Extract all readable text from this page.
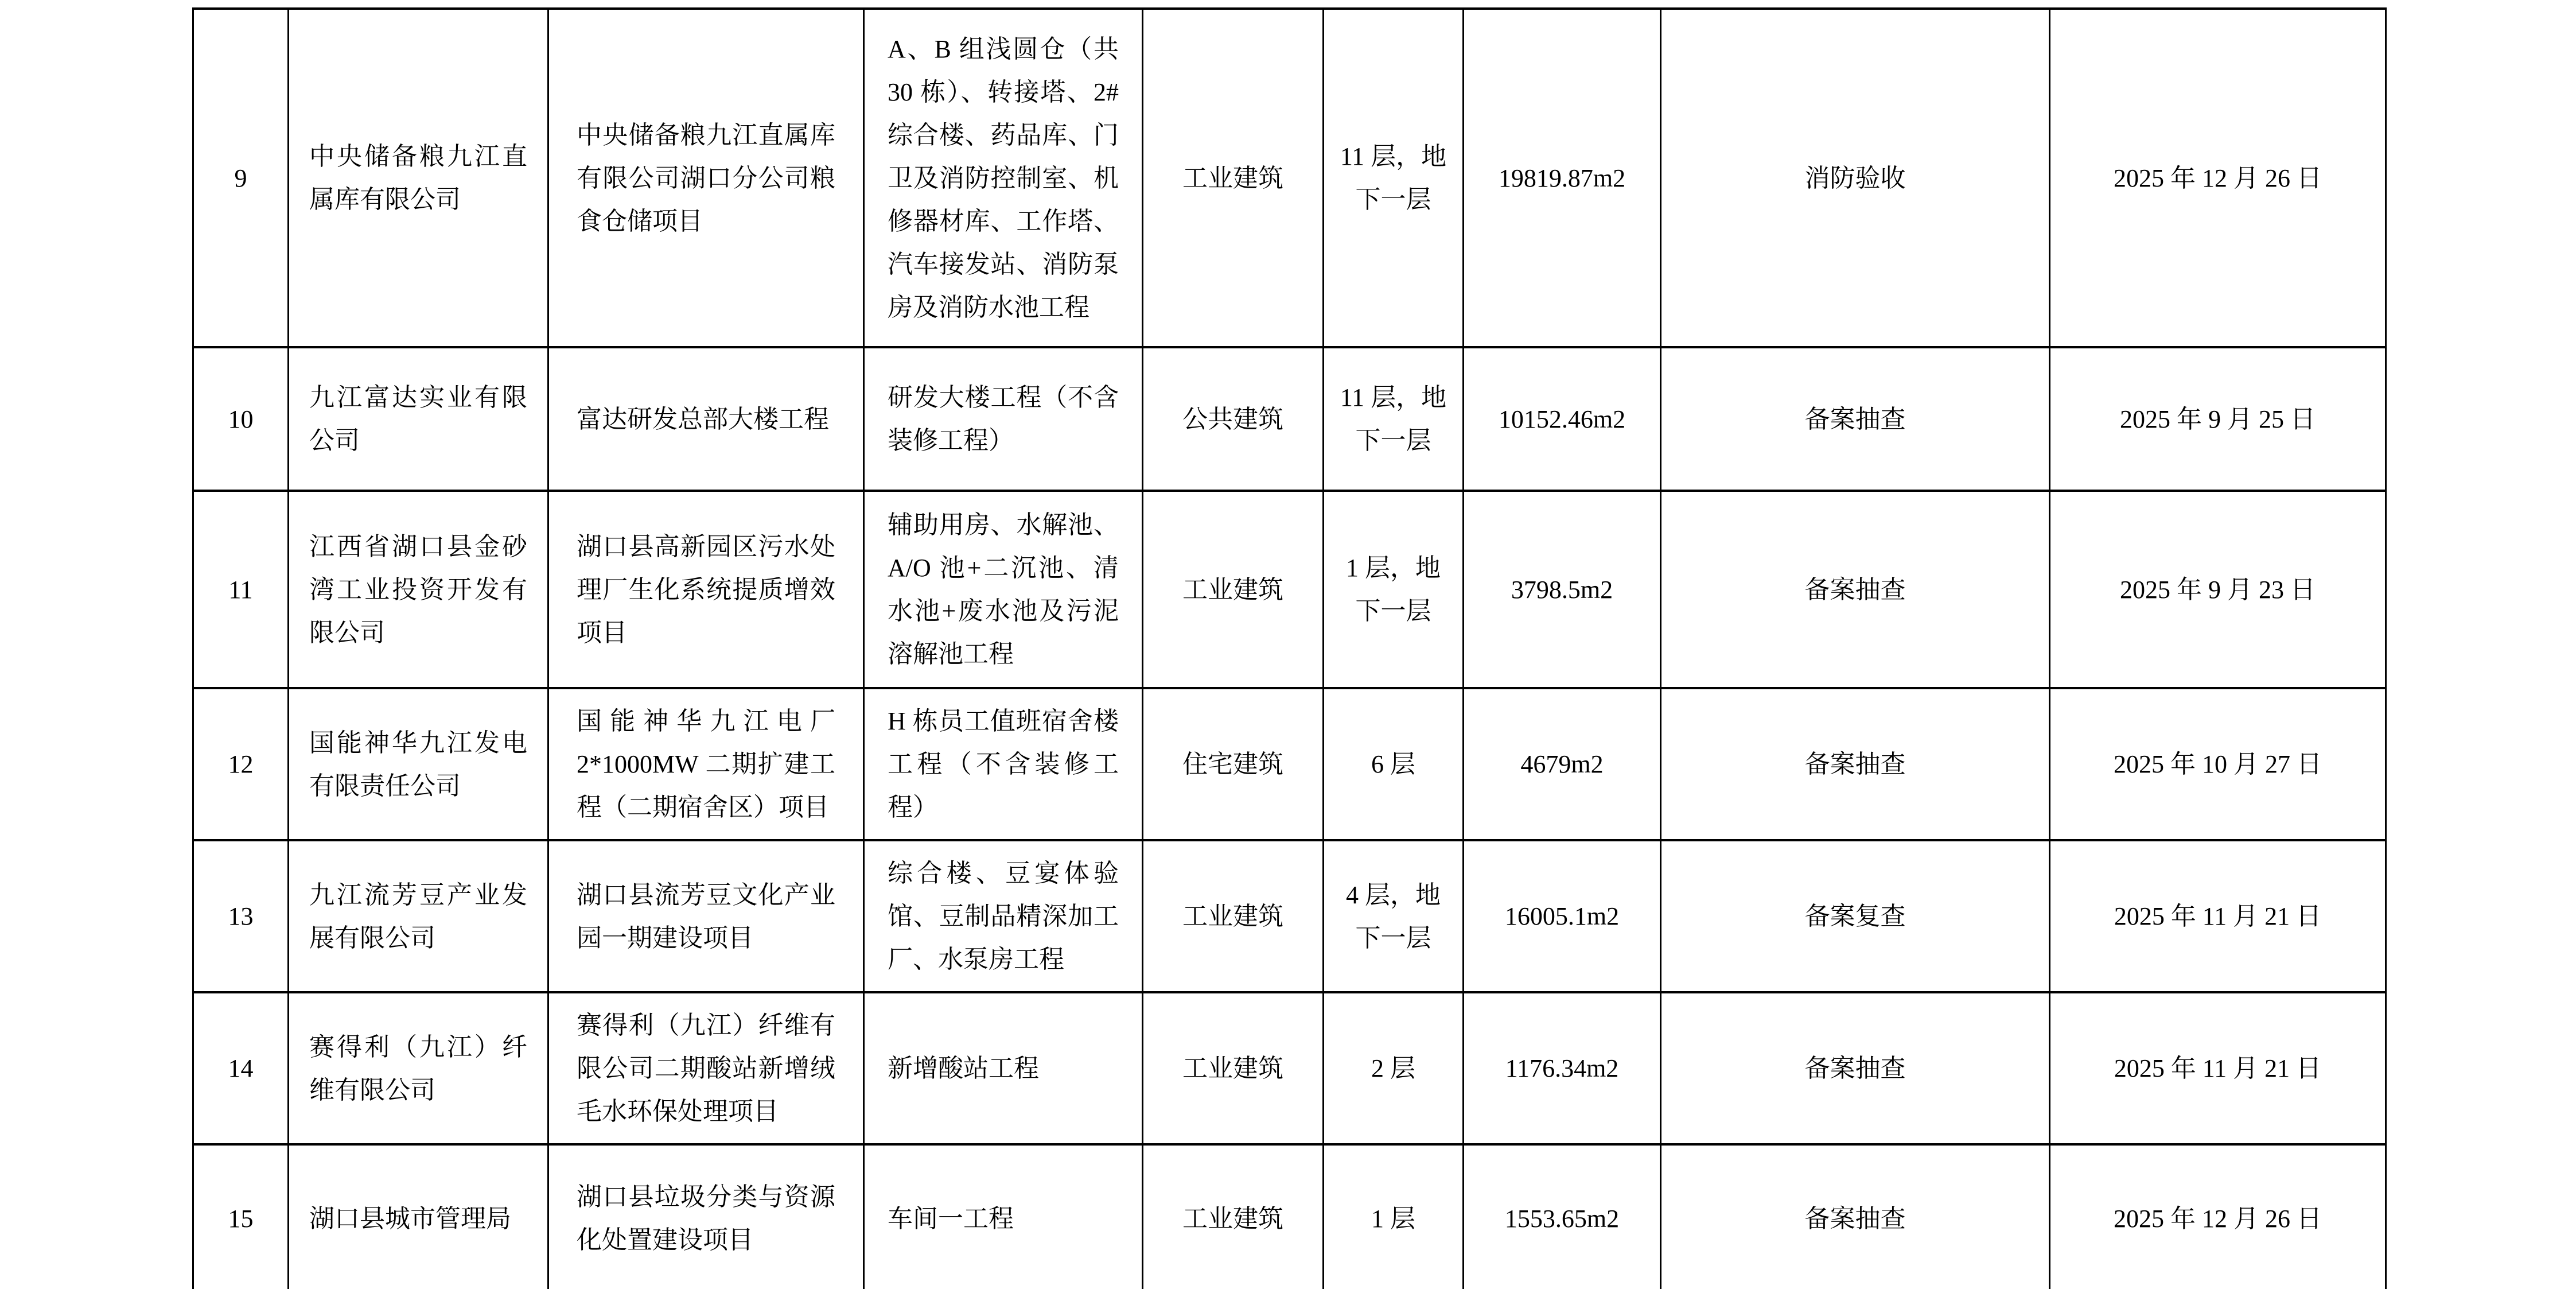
9	中央储备粮九江直属库有限公司	中央储备粮九江直属库有限公司湖口分公司粮食仓储项目	A、B 组浅圆仓（共 30 栋）、转接塔、2#综合楼、药品库、门卫及消防控制室、机修器材库、工作塔、汽车接发站、消防泵房及消防水池工程	工业建筑	11 层，地下一层	19819.87m2	消防验收	2025 年 12 月 26 日
10	九江富达实业有限公司	富达研发总部大楼工程	研发大楼工程（不含装修工程）	公共建筑	11 层，地下一层	10152.46m2	备案抽查	2025 年 9 月 25 日
11	江西省湖口县金砂湾工业投资开发有限公司	湖口县高新园区污水处理厂生化系统提质增效项目	辅助用房、水解池、A/O 池+二沉池、清水池+废水池及污泥溶解池工程	工业建筑	1 层，地下一层	3798.5m2	备案抽查	2025 年 9 月 23 日
12	国能神华九江发电有限责任公司	国能神华九江电厂 2*1000MW 二期扩建工程（二期宿舍区）项目	H 栋员工值班宿舍楼工程（不含装修工程）	住宅建筑	6 层	4679m2	备案抽查	2025 年 10 月 27 日
13	九江流芳豆产业发展有限公司	湖口县流芳豆文化产业园一期建设项目	综合楼、豆宴体验馆、豆制品精深加工厂、水泵房工程	工业建筑	4 层，地下一层	16005.1m2	备案复查	2025 年 11 月 21 日
14	赛得利（九江）纤维有限公司	赛得利（九江）纤维有限公司二期酸站新增绒毛水环保处理项目	新增酸站工程	工业建筑	2 层	1176.34m2	备案抽查	2025 年 11 月 21 日
15	湖口县城市管理局	湖口县垃圾分类与资源化处置建设项目	车间一工程	工业建筑	1 层	1553.65m2	备案抽查	2025 年 12 月 26 日
